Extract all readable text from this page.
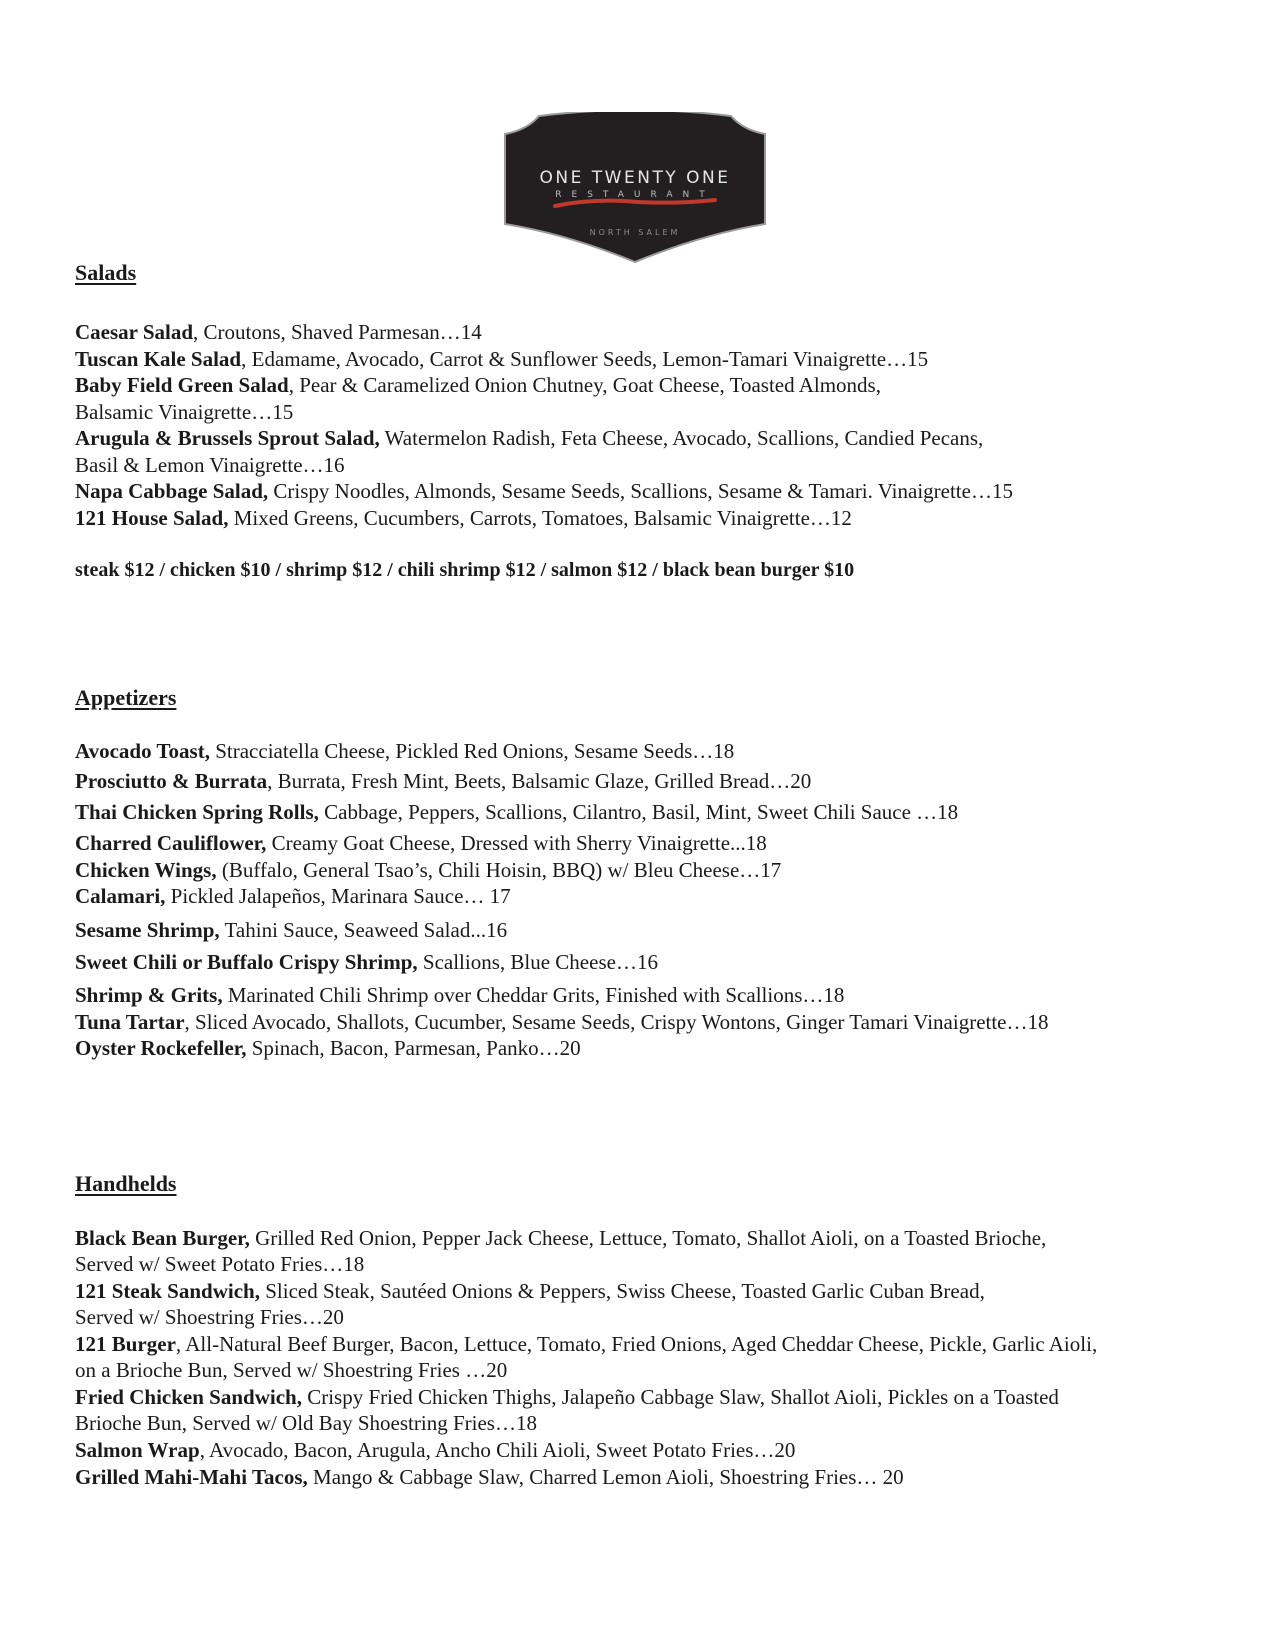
ONE TWENTY ONE
RESTAURANT
NORTH SALEM
Salads
Caesar Salad, Croutons, Shaved Parmesan…14
Tuscan Kale Salad, Edamame, Avocado, Carrot & Sunflower Seeds, Lemon-Tamari Vinaigrette…15
Baby Field Green Salad, Pear & Caramelized Onion Chutney, Goat Cheese, Toasted Almonds,
Balsamic Vinaigrette…15
Arugula & Brussels Sprout Salad, Watermelon Radish, Feta Cheese, Avocado, Scallions, Candied Pecans,
Basil & Lemon Vinaigrette…16
Napa Cabbage Salad, Crispy Noodles, Almonds, Sesame Seeds, Scallions, Sesame & Tamari. Vinaigrette…15
121 House Salad, Mixed Greens, Cucumbers, Carrots, Tomatoes, Balsamic Vinaigrette…12
steak $12 / chicken $10 / shrimp $12 / chili shrimp $12 / salmon $12 / black bean burger $10
Appetizers
Avocado Toast, Stracciatella Cheese, Pickled Red Onions, Sesame Seeds…18
Prosciutto & Burrata, Burrata, Fresh Mint, Beets, Balsamic Glaze, Grilled Bread…20
Thai Chicken Spring Rolls, Cabbage, Peppers, Scallions, Cilantro, Basil, Mint, Sweet Chili Sauce …18
Charred Cauliflower, Creamy Goat Cheese, Dressed with Sherry Vinaigrette...18
Chicken Wings, (Buffalo, General Tsao’s, Chili Hoisin, BBQ) w/ Bleu Cheese…17
Calamari, Pickled Jalapeños, Marinara Sauce… 17
Sesame Shrimp, Tahini Sauce, Seaweed Salad...16
Sweet Chili or Buffalo Crispy Shrimp, Scallions, Blue Cheese…16
Shrimp & Grits, Marinated Chili Shrimp over Cheddar Grits, Finished with Scallions…18
Tuna Tartar, Sliced Avocado, Shallots, Cucumber, Sesame Seeds, Crispy Wontons, Ginger Tamari Vinaigrette…18
Oyster Rockefeller, Spinach, Bacon, Parmesan, Panko…20
Handhelds
Black Bean Burger, Grilled Red Onion, Pepper Jack Cheese, Lettuce, Tomato, Shallot Aioli, on a Toasted Brioche,
Served w/ Sweet Potato Fries…18
121 Steak Sandwich, Sliced Steak, Sautéed Onions & Peppers, Swiss Cheese, Toasted Garlic Cuban Bread,
Served w/ Shoestring Fries…20
121 Burger, All-Natural Beef Burger, Bacon, Lettuce, Tomato, Fried Onions, Aged Cheddar Cheese, Pickle, Garlic Aioli,
on a Brioche Bun, Served w/ Shoestring Fries …20
Fried Chicken Sandwich, Crispy Fried Chicken Thighs, Jalapeño Cabbage Slaw, Shallot Aioli, Pickles on a Toasted
Brioche Bun, Served w/ Old Bay Shoestring Fries…18
Salmon Wrap, Avocado, Bacon, Arugula, Ancho Chili Aioli, Sweet Potato Fries…20
Grilled Mahi-Mahi Tacos, Mango & Cabbage Slaw, Charred Lemon Aioli, Shoestring Fries… 20
